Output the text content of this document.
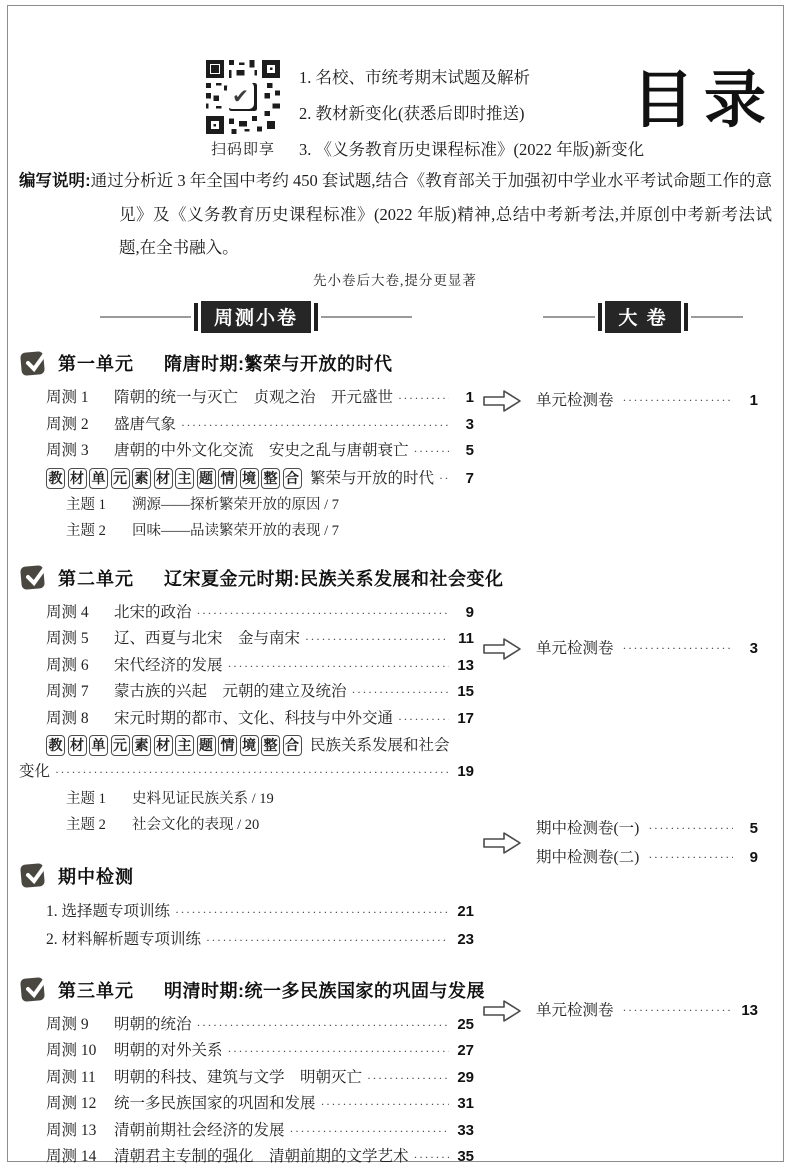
✔
扫码即享
1. 名校、市统考期末试题及解析
2. 教材新变化(获悉后即时推送)
3. 《义务教育历史课程标准》(2022 年版)新变化
目录

编写说明:通过分析近 3 年全国中考约 450 套试题,结合《教育部关于加强初中学业水平考试命题工作的意见》及《义务教育历史课程标准》(2022 年版)精神,总结中考新考法,并原创中考新考法试题,在全书融入。

先小卷后大卷,提分更显著
周测小卷	大 卷
第一单元 隋唐时期:繁荣与开放的时代
周测 1	隋朝的统一与灭亡　贞观之治　开元盛世 ·····	1
周测 2	盛唐气象 ·····	3
周测 3	唐朝的中外文化交流　安史之乱与唐朝衰亡 ·····	5
教 材 单 元 素 材 主 题 情 境 整 合 繁荣与开放的时代 ·····	7
主题 1	溯源——探析繁荣开放的原因 / 7
主题 2	回味——品读繁荣开放的表现 / 7
第二单元 辽宋夏金元时期:民族关系发展和社会变化
周测 4	北宋的政治 ·····	9
周测 5	辽、西夏与北宋　金与南宋 ·····	11
周测 6	宋代经济的发展 ·····	13
周测 7	蒙古族的兴起　元朝的建立及统治 ·····	15
周测 8	宋元时期的都市、文化、科技与中外交通 ·····	17
教 材 单 元 素 材 主 题 情 境 整 合 民族关系发展和社会
变化 ·····	19
主题 1	史料见证民族关系 / 19
主题 2	社会文化的表现 / 20
期中检测
1. 选择题专项训练 ·····	21
2. 材料解析题专项训练 ·····	23
第三单元 明清时期:统一多民族国家的巩固与发展
周测 9	明朝的统治 ·····	25
周测 10	明朝的对外关系 ·····	27
周测 11	明朝的科技、建筑与文学　明朝灭亡 ·····	29
周测 12	统一多民族国家的巩固和发展 ·····	31
周测 13	清朝前期社会经济的发展 ·····	33
周测 14	清朝君主专制的强化　清朝前期的文学艺术 ·····	35
单元检测卷 ·····	1
单元检测卷 ·····	3
期中检测卷(一) ·····	5
期中检测卷(二) ·····	9
单元检测卷 ·····	13
